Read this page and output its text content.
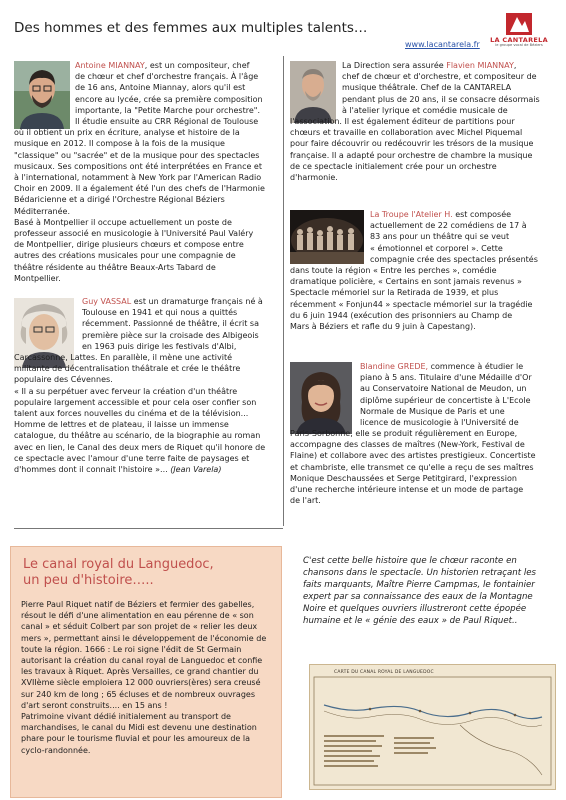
Des hommes et des femmes aux multiples talents…
LA CANTARELA
le groupe vocal de Béziers
www.lacantarela.fr
Antoine MIANNAY, est un compositeur, chef
de chœur et chef d'orchestre français. À l'âge
de 16 ans, Antoine Miannay, alors qu'il est
encore au lycée, crée sa première composition
importante, la "Petite Marche pour orchestre".
Il étudie ensuite au CRR Régional de Toulouse
où il obtient un prix en écriture, analyse et histoire de la
musique en 2012. Il compose à la fois de la musique
"classique" ou "sacrée" et de la musique pour des spectacles
musicaux. Ses compositions ont été interprétées en France et
à l'international, notamment à New York par l'American Radio
Choir en 2009. Il a également été l'un des chefs de l'Harmonie
Bédaricienne et a dirigé l'Orchestre Régional Béziers
Méditerranée.
Basé à Montpellier il occupe actuellement un poste de
professeur associé en musicologie à l'Université Paul Valéry
de Montpellier, dirige plusieurs chœurs et compose entre
autres des créations musicales pour une compagnie de
théâtre résidente au théâtre Beaux-Arts Tabard de
Montpellier.
Guy VASSAL est un dramaturge français né à
Toulouse en 1941 et qui nous a quittés
récemment. Passionné de théâtre, il écrit sa
première pièce sur la croisade des Albigeois
en 1963 puis dirige les festivals d'Albi,
Carcassonne, Lattes. En parallèle, il mène une activité
militante de décentralisation théâtrale et crée le théâtre
populaire des Cévennes.
« Il a su perpétuer avec ferveur la création d'un théâtre
populaire largement accessible et pour cela oser confier son
talent aux forces nouvelles du cinéma et de la télévision...
Homme de lettres et de plateau, il laisse un immense
catalogue, du théâtre au scénario, de la biographie au roman
avec en lien, le Canal des deux mers de Riquet qu'il honore de
ce spectacle avec l'amour d'une terre faite de paysages et
d'hommes dont il connait l'histoire »... (Jean Varela)
La Direction sera assurée Flavien MIANNAY,
chef de chœur et d'orchestre, et compositeur de
musique théâtrale. Chef de la CANTARELA
pendant plus de 20 ans, il se consacre désormais
à l'atelier lyrique et comédie musicale de
l'association. Il est également éditeur de partitions pour
chœurs et travaille en collaboration avec Michel Piquemal
pour faire découvrir ou redécouvrir les trésors de la musique
française. Il a adapté pour orchestre de chambre la musique
de ce spectacle initialement crée pour un orchestre
d'harmonie.
La Troupe l'Atelier H. est composée
actuellement de 22 comédiens de 17 à
83 ans pour un théâtre qui se veut
« émotionnel et corporel ». Cette
compagnie crée des spectacles présentés
dans toute la région « Entre les perches », comédie
dramatique policière, « Certains en sont jamais revenus »
Spectacle mémoriel sur la Retirada de 1939, et plus
récemment « Fonjun44 » spectacle mémoriel sur la tragédie
du 6 juin 1944 (exécution des prisonniers au Champ de
Mars à Béziers et rafle du 9 juin à Capestang).
Blandine GREDE, commence à étudier le
piano à 5 ans. Titulaire d'une Médaille d'Or
au Conservatoire National de Meudon, un
diplôme supérieur de concertiste à L'Ecole
Normale de Musique de Paris et une
licence de musicologie à l'Université de
Paris-Sorbonne, elle se produit régulièrement en Europe,
accompagne des classes de maîtres (New-York, Festival de
Flaine) et collabore avec des artistes prestigieux. Concertiste
et chambriste, elle transmet ce qu'elle a reçu de ses maîtres
Monique Deschaussées et Serge Petitgirard, l'expression
d'une recherche intérieure intense et un mode de partage
de l'art.
Le canal royal du Languedoc,
un peu d'histoire…..
Pierre Paul Riquet natif de Béziers et fermier des gabelles,
résout le défi d'une alimentation en eau pérenne de « son
canal » et séduit Colbert par son projet de « relier les deux
mers », permettant ainsi le développement de l'économie de
toute la région. 1666 : Le roi signe l'édit de St Germain
autorisant la création du canal royal de Languedoc et confie
les travaux à Riquet. Après Versailles, ce grand chantier du
XVIIème siècle emploiera 12 000 ouvriers(ères) sera creusé
sur 240 km de long ; 65 écluses et de nombreux ouvrages
d'art seront construits.... en 15 ans !
Patrimoine vivant dédié initialement au transport de
marchandises, le canal du Midi est devenu une destination
phare pour le tourisme fluvial et pour les amoureux de la
cyclo-randonnée.
C'est cette belle histoire que le chœur raconte en
chansons dans le spectacle. Un historien retraçant les
faits marquants, Maître Pierre Campmas, le fontainier
expert par sa connaissance des eaux de la Montagne
Noire et quelques ouvriers illustreront cette épopée
humaine et le « génie des eaux » de Paul Riquet..
CARTE DU CANAL ROYAL DE LANGUEDOC
